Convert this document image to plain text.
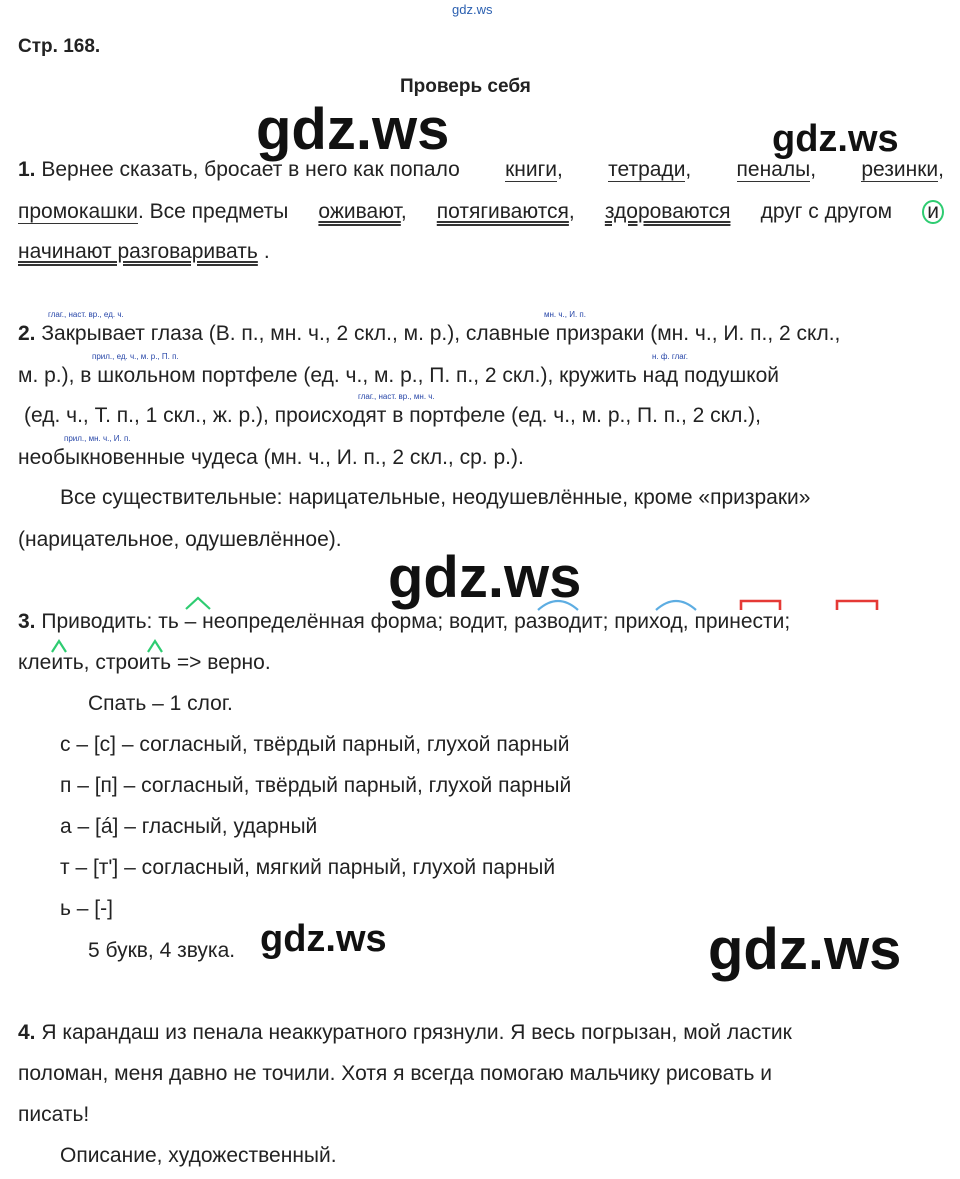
gdz.ws
Стр. 168.
Проверь себя
gdz.ws	gdz.ws
1. Вернее сказать, бросает в него как попало книги, тетради, пеналы, резинки,
промокашки. Все предметы оживают, потягиваются, здороваются друг с другом и
начинают разговаривать .
глаг., наст. вр., ед. ч.	мн. ч., И. п.
2. Закрывает глаза (В. п., мн. ч., 2 скл., м. р.), славные призраки (мн. ч., И. п., 2 скл.,
прил., ед. ч., м. р., П. п.	н. ф. глаг.
м. р.), в школьном портфеле (ед. ч., м. р., П. п., 2 скл.), кружить над подушкой
глаг., наст. вр., мн. ч.
(ед. ч., Т. п., 1 скл., ж. р.), происходят в портфеле (ед. ч., м. р., П. п., 2 скл.),
прил., мн. ч., И. п.
необыкновенные чудеса (мн. ч., И. п., 2 скл., ср. р.).
Все существительные: нарицательные, неодушевлённые, кроме «призраки»
(нарицательное, одушевлённое).
gdz.ws
3. Приводить: ть – неопределённая форма; водит, разводит; приход, принести;
клеить, строить => верно.
Спать – 1 слог.
с – [с] – согласный, твёрдый парный, глухой парный
п – [п] – согласный, твёрдый парный, глухой парный
а – [á] – гласный, ударный
т – [т'] – согласный, мягкий парный, глухой парный
ь – [-]
5 букв, 4 звука. gdz.ws	gdz.ws
4. Я карандаш из пенала неаккуратного грязнули. Я весь погрызан, мой ластик
поломан, меня давно не точили. Хотя я всегда помогаю мальчику рисовать и
писать!
Описание, художественный.
